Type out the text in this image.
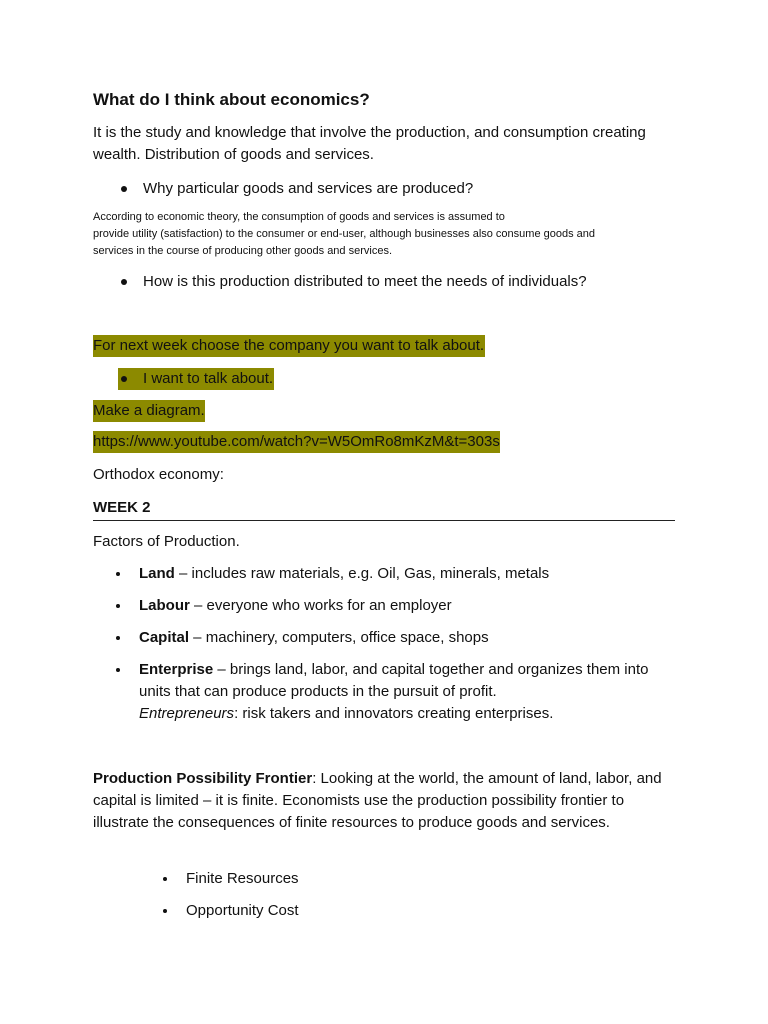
What do I think about economics?
It is the study and knowledge that involve the production, and consumption creating wealth. Distribution of goods and services.
Why particular goods and services are produced?
According to economic theory, the consumption of goods and services is assumed to
provide utility (satisfaction) to the consumer or end-user, although businesses also consume goods and
services in the course of producing other goods and services.
How is this production distributed to meet the needs of individuals?
For next week choose the company you want to talk about.
I want to talk about.
Make a diagram.
https://www.youtube.com/watch?v=W5OmRo8mKzM&t=303s
Orthodox economy:
WEEK 2
Factors of Production.
Land – includes raw materials, e.g. Oil, Gas, minerals, metals
Labour – everyone who works for an employer
Capital – machinery, computers, office space, shops
Enterprise – brings land, labor, and capital together and organizes them into units that can produce products in the pursuit of profit.
Entrepreneurs: risk takers and innovators creating enterprises.
Production Possibility Frontier: Looking at the world, the amount of land, labor, and capital is limited – it is finite. Economists use the production possibility frontier to illustrate the consequences of finite resources to produce goods and services.
Finite Resources
Opportunity Cost
